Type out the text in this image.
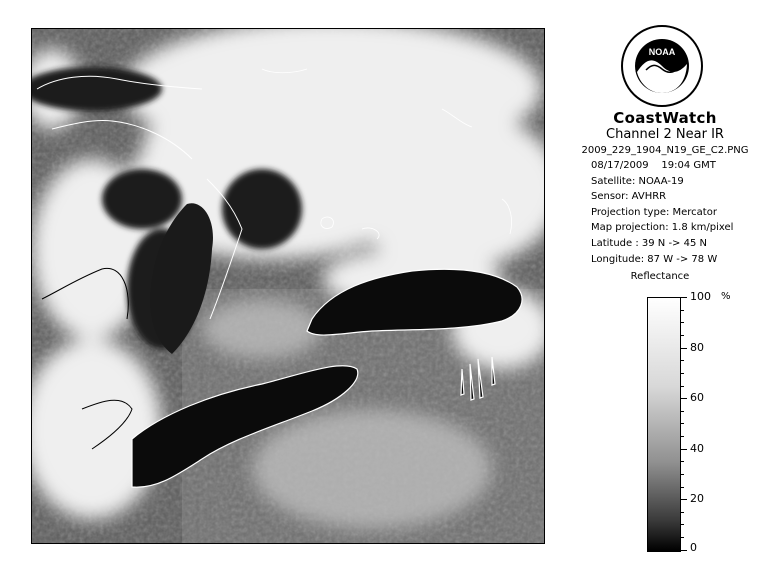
NOAA
CoastWatch
Channel 2 Near IR
2009_229_1904_N19_GE_C2.PNG
08/17/2009 19:04 GMT
Satellite: NOAA-19
Sensor: AVHRR
Projection type: Mercator
Map projection: 1.8 km/pixel
Latitude : 39 N -> 45 N
Longitude: 87 W -> 78 W
Reflectance
%
100
80
60
40
20
0
